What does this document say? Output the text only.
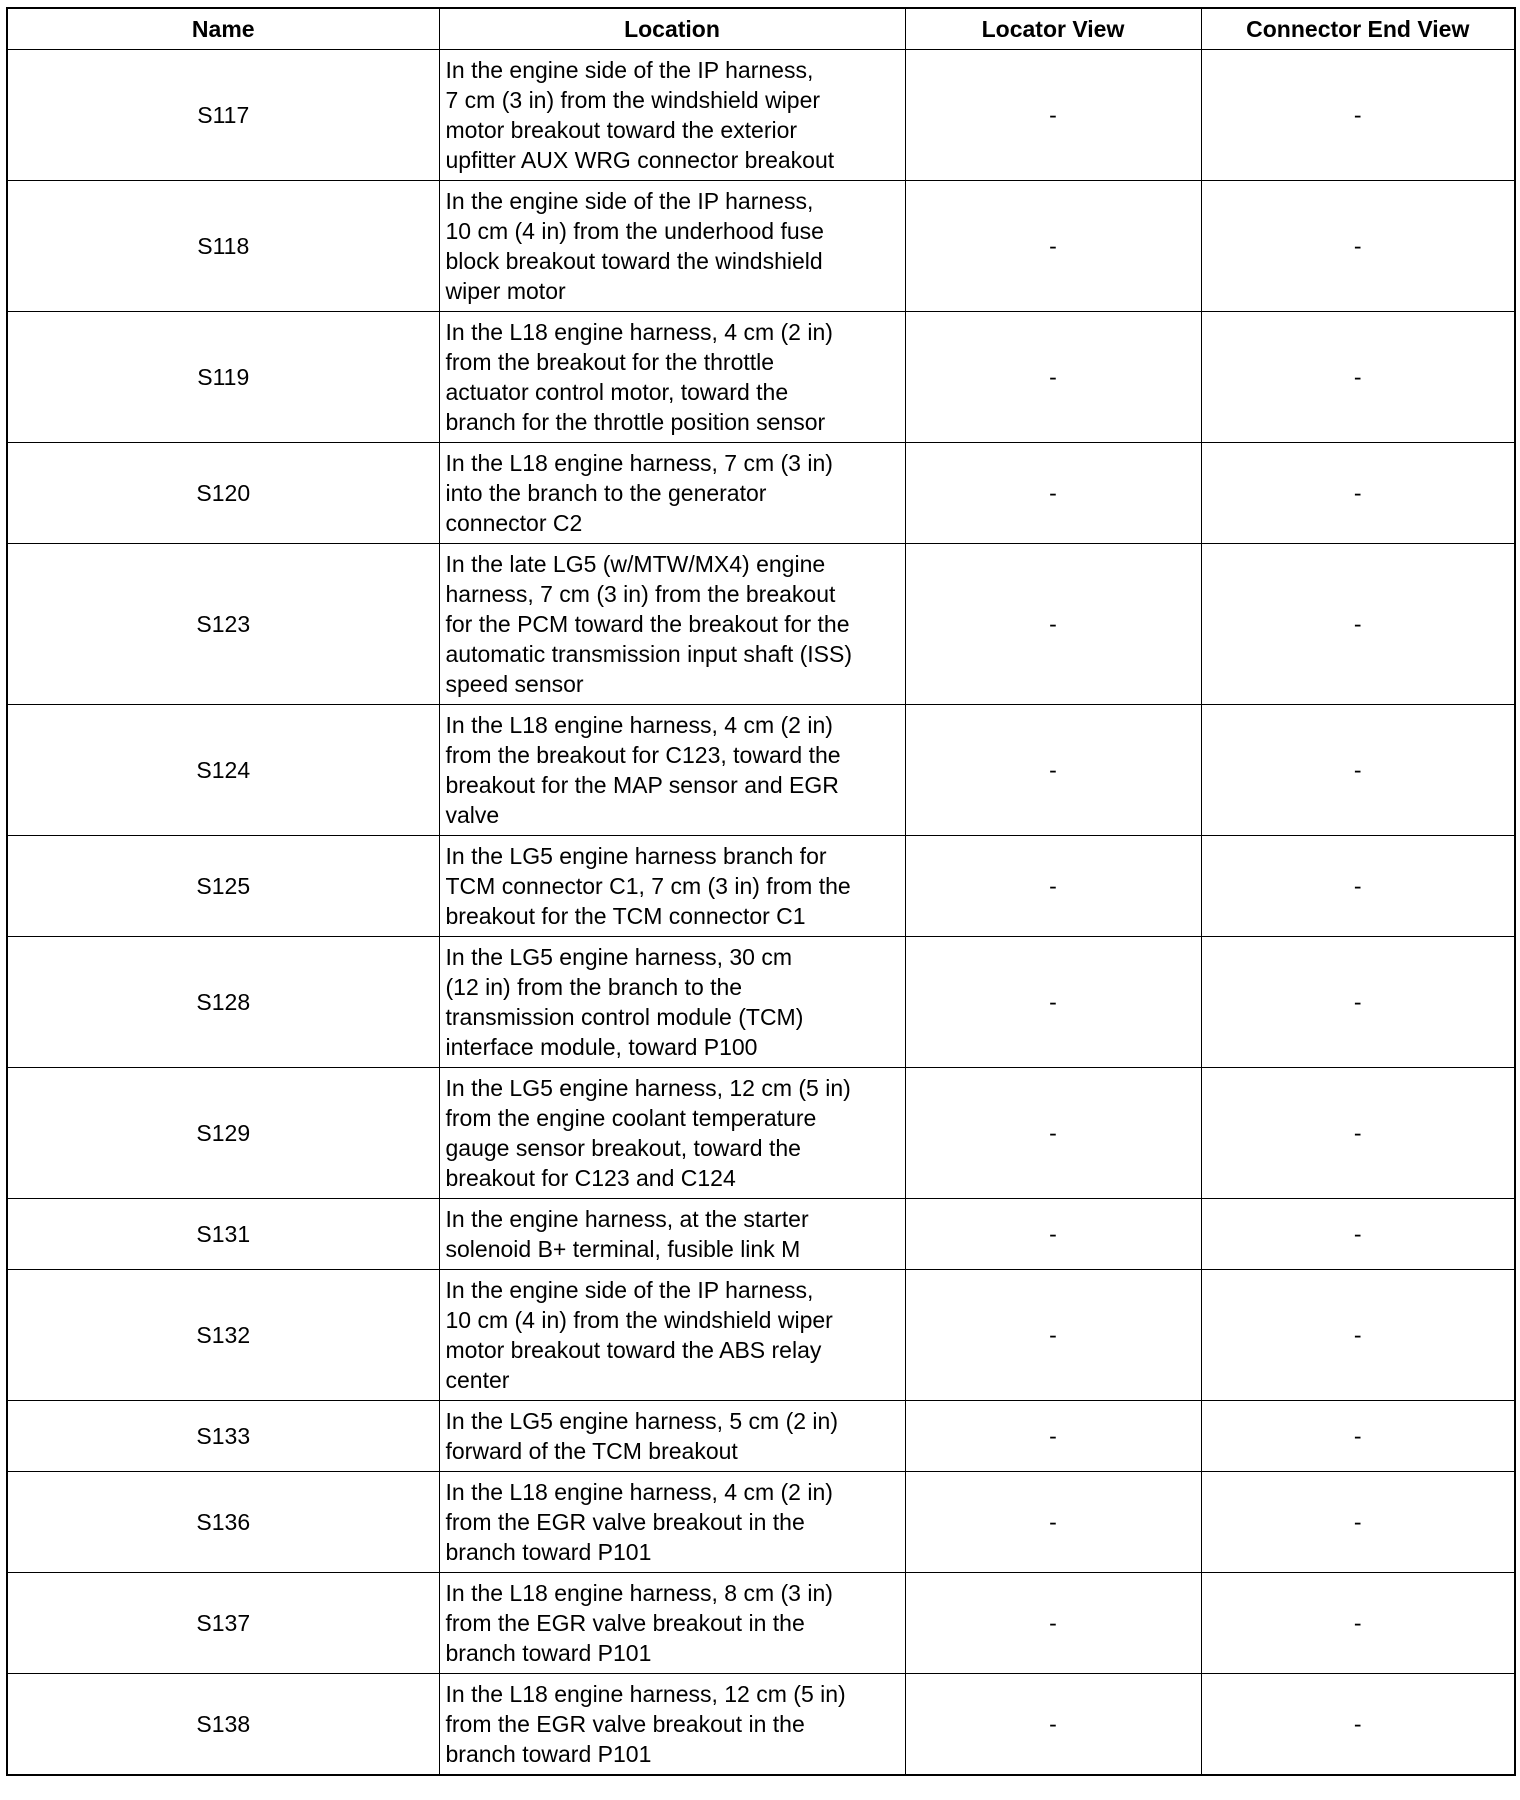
Name	Location	Locator View	Connector End View
S117	In the engine side of the IP harness,
7 cm (3 in) from the windshield wiper
motor breakout toward the exterior
upfitter AUX WRG connector breakout	-	-
S118	In the engine side of the IP harness,
10 cm (4 in) from the underhood fuse
block breakout toward the windshield
wiper motor	-	-
S119	In the L18 engine harness, 4 cm (2 in)
from the breakout for the throttle
actuator control motor, toward the
branch for the throttle position sensor	-	-
S120	In the L18 engine harness, 7 cm (3 in)
into the branch to the generator
connector C2	-	-
S123	In the late LG5 (w/MTW/MX4) engine
harness, 7 cm (3 in) from the breakout
for the PCM toward the breakout for the
automatic transmission input shaft (ISS)
speed sensor	-	-
S124	In the L18 engine harness, 4 cm (2 in)
from the breakout for C123, toward the
breakout for the MAP sensor and EGR
valve	-	-
S125	In the LG5 engine harness branch for
TCM connector C1, 7 cm (3 in) from the
breakout for the TCM connector C1	-	-
S128	In the LG5 engine harness, 30 cm
(12 in) from the branch to the
transmission control module (TCM)
interface module, toward P100	-	-
S129	In the LG5 engine harness, 12 cm (5 in)
from the engine coolant temperature
gauge sensor breakout, toward the
breakout for C123 and C124	-	-
S131	In the engine harness, at the starter
solenoid B+ terminal, fusible link M	-	-
S132	In the engine side of the IP harness,
10 cm (4 in) from the windshield wiper
motor breakout toward the ABS relay
center	-	-
S133	In the LG5 engine harness, 5 cm (2 in)
forward of the TCM breakout	-	-
S136	In the L18 engine harness, 4 cm (2 in)
from the EGR valve breakout in the
branch toward P101	-	-
S137	In the L18 engine harness, 8 cm (3 in)
from the EGR valve breakout in the
branch toward P101	-	-
S138	In the L18 engine harness, 12 cm (5 in)
from the EGR valve breakout in the
branch toward P101	-	-
